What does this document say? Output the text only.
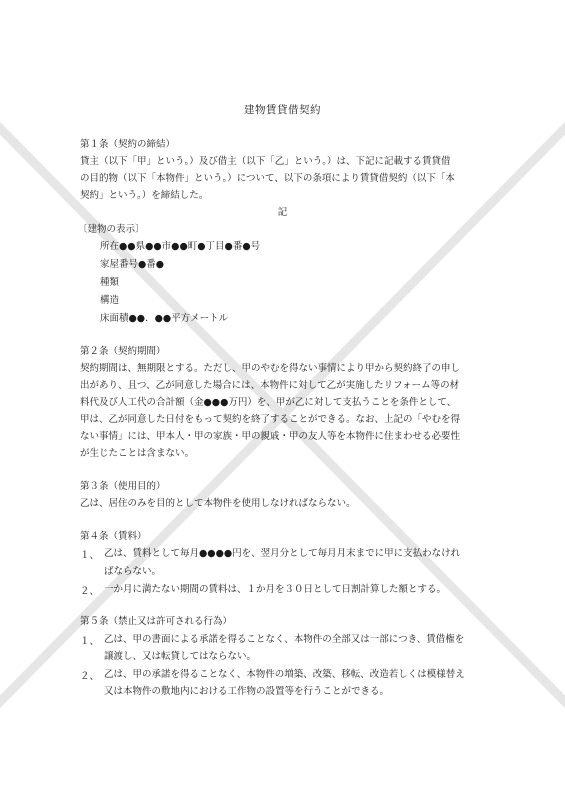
建物賃貸借契約
第１条（契約の締結）
貸主（以下「甲」という。）及び借主（以下「乙」という。）は、下記に記載する賃貸借
の目的物（以下「本物件」という。）について、以下の条項により賃貸借契約（以下「本
契約」という。）を締結した。
記
〔建物の表示〕
所在●●県●●市●●町●丁目●番●号
家屋番号●番●
種類
構造
床面積●●．●●平方メートル
第２条（契約期間）
契約期間は、無期限とする。ただし、甲のやむを得ない事情により甲から契約終了の申し
出があり、且つ、乙が同意した場合には、本物件に対して乙が実施したリフォーム等の材
料代及び人工代の合計額（金●●●万円）を、甲が乙に対して支払うことを条件として、
甲は、乙が同意した日付をもって契約を終了することができる。なお、上記の「やむを得
ない事情」には、甲本人・甲の家族・甲の親戚・甲の友人等を本物件に住まわせる必要性
が生じたことは含まない。
第３条（使用目的）
乙は、居住のみを目的として本物件を使用しなければならない。
第４条（賃料）
１、 乙は、賃料として毎月●●●●円を、翌月分として毎月月末までに甲に支払わなけれ
ばならない。
２、 一か月に満たない期間の賃料は、１か月を３０日として日割計算した額とする。
第５条（禁止又は許可される行為）
１、 乙は、甲の書面による承諾を得ることなく、本物件の全部又は一部につき、賃借権を
譲渡し、又は転貸してはならない。
２、 乙は、甲の承諾を得ることなく、本物件の増築、改築、移転、改造若しくは模様替え
又は本物件の敷地内における工作物の設置等を行うことができる。
